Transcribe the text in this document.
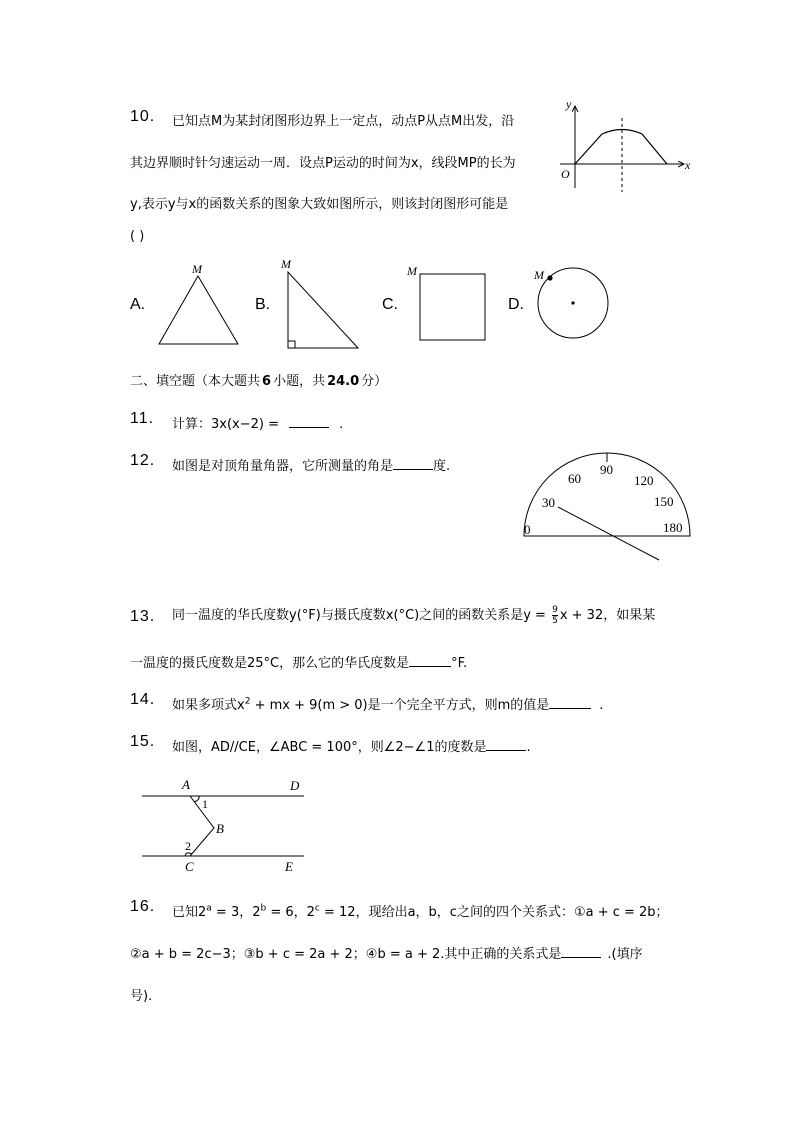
10. 已知点M为某封闭图形边界上一定点，动点P从点M出发，沿
其边界顺时针匀速运动一周．设点P运动的时间为x，线段MP的长为
y,表示y与x的函数关系的图象大致如图所示，则该封闭图形可能是
( )
y
x
O
A.
M
B.
M
C.
M
D.
M
二、填空题（本大题共 6 小题，共 24.0 分）
11. 计算：3x(x−2) =	.
12. 如图是对顶角量角器，它所测量的角是	度.
0
30
60
90
120
150
180
13. 同一温度的华氏度数y(°F)与摄氏度数x(°C)之间的函数关系是$y = \frac{9}{5}$ x + 32，如果某
一温度的摄氏度数是25°C，那么它的华氏度数是	°F.
14. 如果多项式$x^2$ + mx + 9(m > 0)是一个完全平方式，则m的值是	.
15. 如图，AD//CE，∠ABC = 100°，则∠2−∠1的度数是	.
A	D
B
C	E
1
2
16. 已知$2^a = 3$，$2^b = 6$，$2^c = 12$，现给出a，b，c之间的四个关系式：①a + c = 2b；
②a + b = 2c−3；③b + c = 2a + 2；④b = a + 2.其中正确的关系式是	.(填序
号).
